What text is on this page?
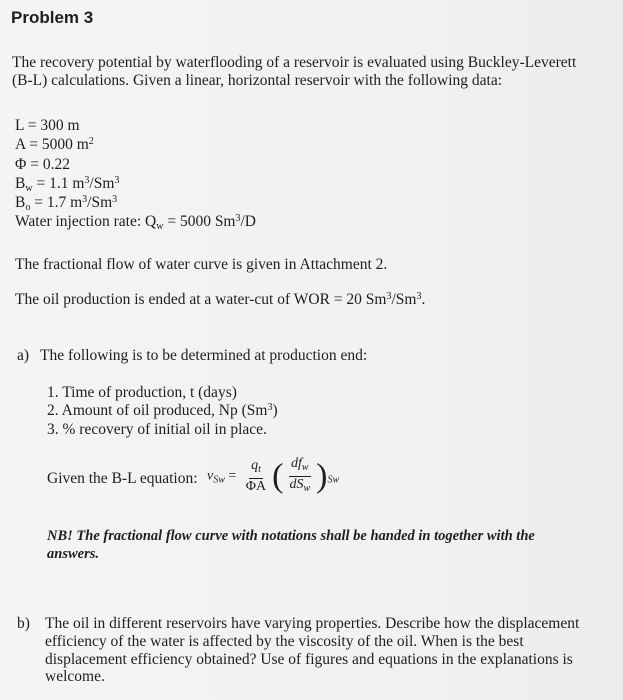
Problem 3
The recovery potential by waterflooding of a reservoir is evaluated using Buckley-Leverett
(B-L) calculations. Given a linear, horizontal reservoir with the following data:
L = 300 m
A = 5000 $m^2$
Φ = 0.22
$B_w = 1.1$ $m^3/Sm^3$
$B_o = 1.7$ $m^3/Sm^3$
Water injection rate: $Q_w = 5000$ Sm$^3$/D
The fractional flow of water curve is given in Attachment 2.
The oil production is ended at a water-cut of WOR = 20 Sm$^3$/Sm$^3$.
a) The following is to be determined at production end:
1. Time of production, t (days)
2. Amount of oil produced, Np (Sm$^3$)
3. % recovery of initial oil in place.
Given the B-L equation: $v_{Sw} = \frac{q_t}{\Phi A}$ ( $\frac{df_w}{dS_w} )_{Sw}$
NB! The fractional flow curve with notations shall be handed in together with the
answers.
b) The oil in different reservoirs have varying properties. Describe how the displacement
efficiency of the water is affected by the viscosity of the oil. When is the best
displacement efficiency obtained? Use of figures and equations in the explanations is
welcome.
